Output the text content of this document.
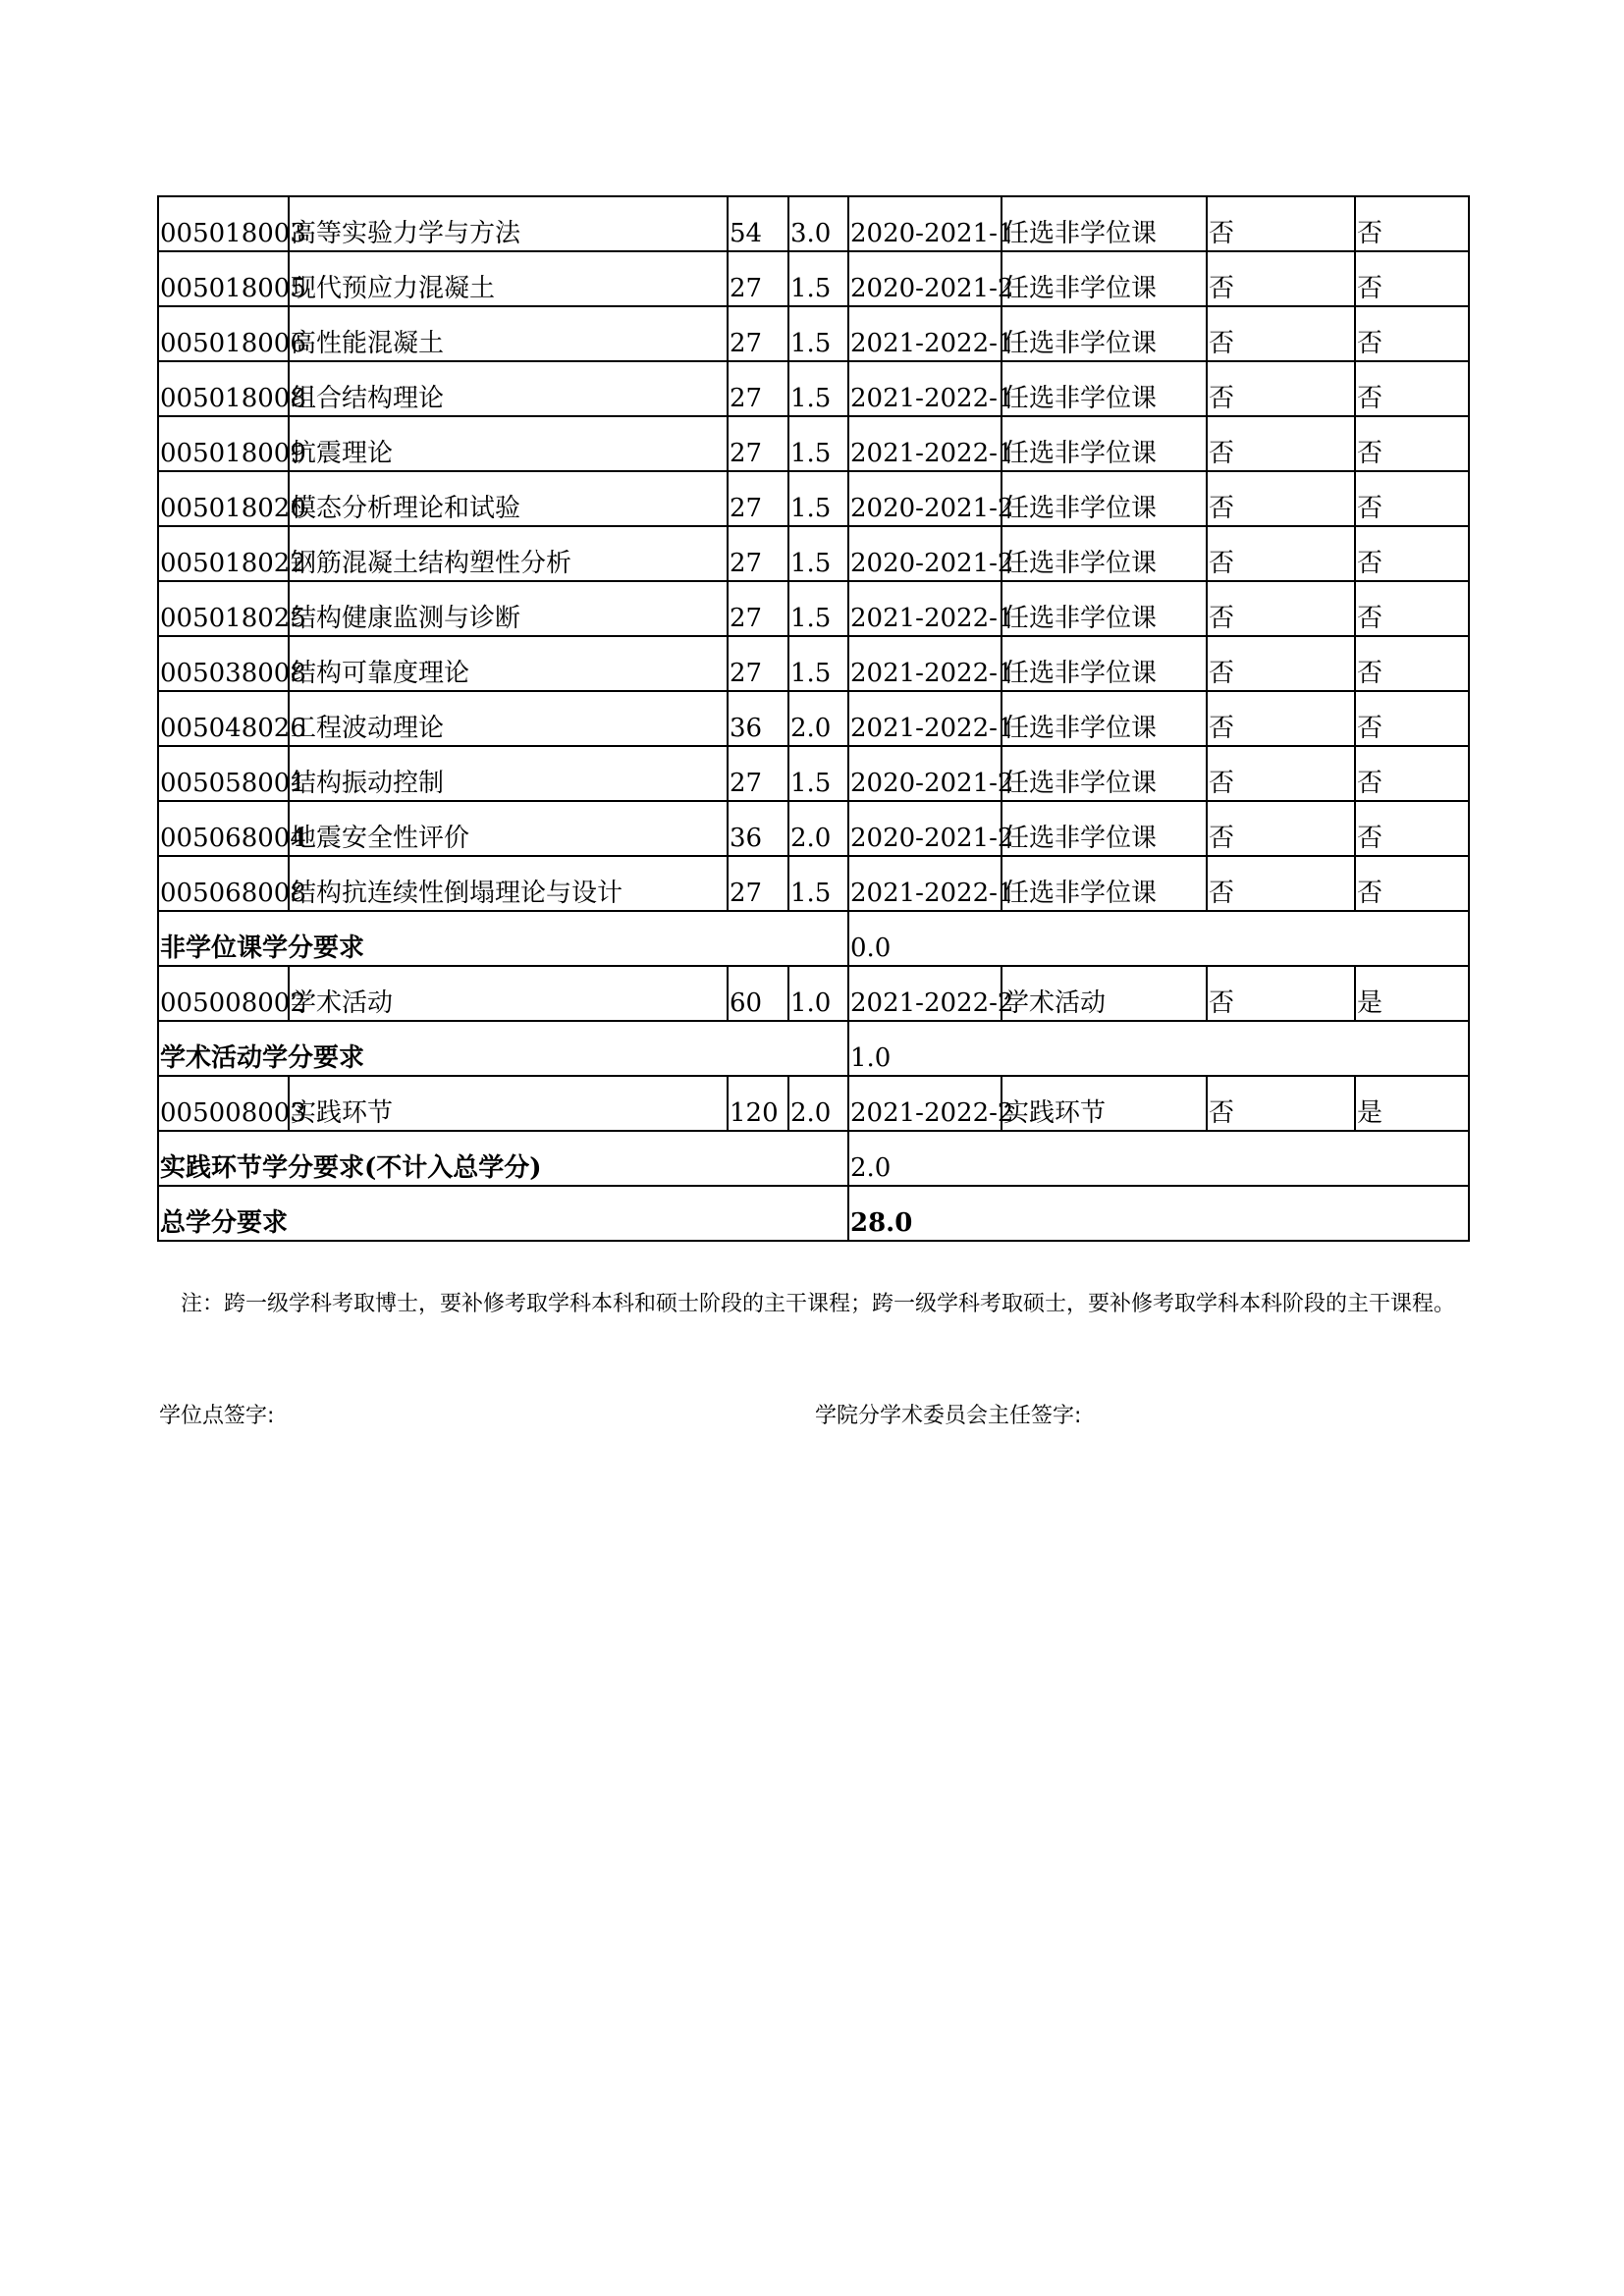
005018003	高等实验力学与方法	54	3.0	2020-2021-1	任选非学位课	否	否
005018005	现代预应力混凝土	27	1.5	2020-2021-2	任选非学位课	否	否
005018006	高性能混凝土	27	1.5	2021-2022-1	任选非学位课	否	否
005018008	组合结构理论	27	1.5	2021-2022-1	任选非学位课	否	否
005018009	抗震理论	27	1.5	2021-2022-1	任选非学位课	否	否
005018020	模态分析理论和试验	27	1.5	2020-2021-2	任选非学位课	否	否
005018022	钢筋混凝土结构塑性分析	27	1.5	2020-2021-2	任选非学位课	否	否
005018025	结构健康监测与诊断	27	1.5	2021-2022-1	任选非学位课	否	否
005038008	结构可靠度理论	27	1.5	2021-2022-1	任选非学位课	否	否
005048026	工程波动理论	36	2.0	2021-2022-1	任选非学位课	否	否
005058001	结构振动控制	27	1.5	2020-2021-2	任选非学位课	否	否
005068004	地震安全性评价	36	2.0	2020-2021-2	任选非学位课	否	否
005068008	结构抗连续性倒塌理论与设计	27	1.5	2021-2022-1	任选非学位课	否	否
非学位课学分要求				0.0			
005008002	学术活动	60	1.0	2021-2022-2	学术活动	否	是
学术活动学分要求				1.0			
005008003	实践环节	120	2.0	2021-2022-2	实践环节	否	是
实践环节学分要求(不计入总学分)				2.0			
总学分要求				28.0			

注：跨一级学科考取博士，要补修考取学科本科和硕士阶段的主干课程；跨一级学科考取硕士，要补修考取学科本科阶段的主干课程。

学位点签字:	学院分学术委员会主任签字:
